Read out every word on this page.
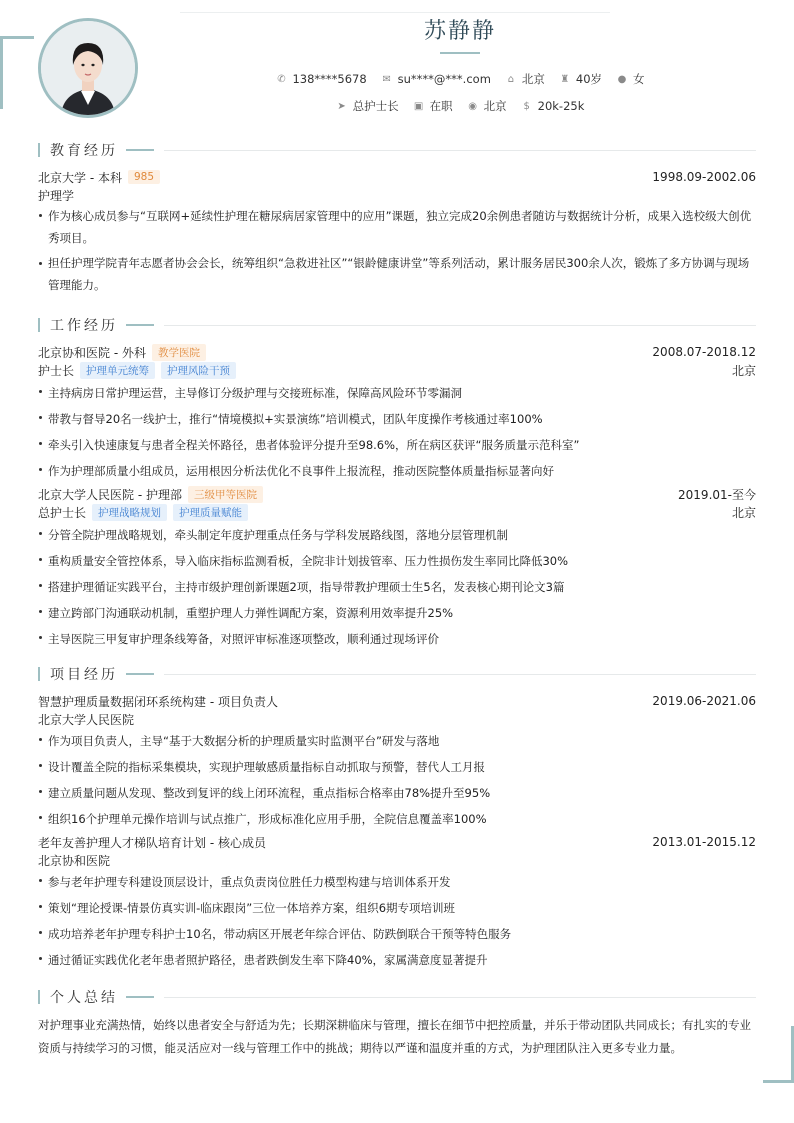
苏静静
✆ 138****5678 ✉ su****@***.com ⌂ 北京 ♜ 40岁 ● 女
➤ 总护士长 ▣ 在职 ◉ 北京 $ 20k-25k
教育经历
北京大学 - 本科	985	1998.09-2002.06
护理学
作为核心成员参与“互联网+延续性护理在糖尿病居家管理中的应用”课题，独立完成20余例患者随访与数据统计分析，成果入选校级大创优秀项目。
担任护理学院青年志愿者协会会长，统筹组织“急救进社区”“银龄健康讲堂”等系列活动，累计服务居民300余人次，锻炼了多方协调与现场管理能力。
工作经历
北京协和医院 - 外科	教学医院	2008.07-2018.12
护士长	护理单元统筹	护理风险干预	北京
主持病房日常护理运营，主导修订分级护理与交接班标准，保障高风险环节零漏洞
带教与督导20名一线护士，推行“情境模拟+实景演练”培训模式，团队年度操作考核通过率100%
牵头引入快速康复与患者全程关怀路径，患者体验评分提升至98.6%，所在病区获评“服务质量示范科室”
作为护理部质量小组成员，运用根因分析法优化不良事件上报流程，推动医院整体质量指标显著向好
北京大学人民医院 - 护理部	三级甲等医院	2019.01-至今
总护士长	护理战略规划	护理质量赋能	北京
分管全院护理战略规划，牵头制定年度护理重点任务与学科发展路线图，落地分层管理机制
重构质量安全管控体系，导入临床指标监测看板，全院非计划拔管率、压力性损伤发生率同比降低30%
搭建护理循证实践平台，主持市级护理创新课题2项，指导带教护理硕士生5名，发表核心期刊论文3篇
建立跨部门沟通联动机制，重塑护理人力弹性调配方案，资源利用效率提升25%
主导医院三甲复审护理条线筹备，对照评审标准逐项整改，顺利通过现场评价
项目经历
智慧护理质量数据闭环系统构建 - 项目负责人	2019.06-2021.06
北京大学人民医院
作为项目负责人，主导“基于大数据分析的护理质量实时监测平台”研发与落地
设计覆盖全院的指标采集模块，实现护理敏感质量指标自动抓取与预警，替代人工月报
建立质量问题从发现、整改到复评的线上闭环流程，重点指标合格率由78%提升至95%
组织16个护理单元操作培训与试点推广，形成标准化应用手册，全院信息覆盖率100%
老年友善护理人才梯队培育计划 - 核心成员	2013.01-2015.12
北京协和医院
参与老年护理专科建设顶层设计，重点负责岗位胜任力模型构建与培训体系开发
策划“理论授课-情景仿真实训-临床跟岗”三位一体培养方案，组织6期专项培训班
成功培养老年护理专科护士10名，带动病区开展老年综合评估、防跌倒联合干预等特色服务
通过循证实践优化老年患者照护路径，患者跌倒发生率下降40%，家属满意度显著提升
个人总结
对护理事业充满热情，始终以患者安全与舒适为先；长期深耕临床与管理，擅长在细节中把控质量，并乐于带动团队共同成长；有扎实的专业资质与持续学习的习惯，能灵活应对一线与管理工作中的挑战；期待以严谨和温度并重的方式，为护理团队注入更多专业力量。
